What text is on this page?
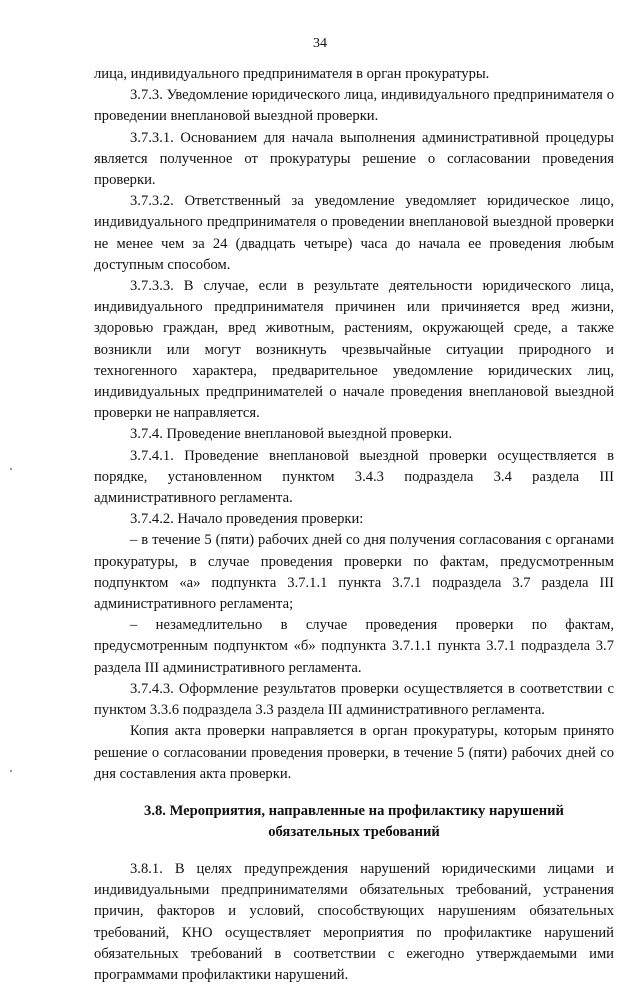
34

лица, индивидуального предпринимателя в орган прокуратуры.

3.7.3. Уведомление юридического лица, индивидуального предпринимателя о проведении внеплановой выездной проверки.

3.7.3.1. Основанием для начала выполнения административной процедуры является полученное от прокуратуры решение о согласовании проведения проверки.

3.7.3.2. Ответственный за уведомление уведомляет юридическое лицо, индивидуального предпринимателя о проведении внеплановой выездной проверки не менее чем за 24 (двадцать четыре) часа до начала ее проведения любым доступным способом.

3.7.3.3. В случае, если в результате деятельности юридического лица, индивидуального предпринимателя причинен или причиняется вред жизни, здоровью граждан, вред животным, растениям, окружающей среде, а также возникли или могут возникнуть чрезвычайные ситуации природного и техногенного характера, предварительное уведомление юридических лиц, индивидуальных предпринимателей о начале проведения внеплановой выездной проверки не направляется.

3.7.4. Проведение внеплановой выездной проверки.

3.7.4.1. Проведение внеплановой выездной проверки осуществляется в порядке, установленном пунктом 3.4.3 подраздела 3.4 раздела III административного регламента.

3.7.4.2. Начало проведения проверки:

– в течение 5 (пяти) рабочих дней со дня получения согласования с органами прокуратуры, в случае проведения проверки по фактам, предусмотренным подпунктом «а» подпункта 3.7.1.1 пункта 3.7.1 подраздела 3.7 раздела III административного регламента;

– незамедлительно в случае проведения проверки по фактам, предусмотренным подпунктом «б» подпункта 3.7.1.1 пункта 3.7.1 подраздела 3.7 раздела III административного регламента.

3.7.4.3. Оформление результатов проверки осуществляется в соответствии с пунктом 3.3.6 подраздела 3.3 раздела III административного регламента.

Копия акта проверки направляется в орган прокуратуры, которым принято решение о согласовании проведения проверки, в течение 5 (пяти) рабочих дней со дня составления акта проверки.

3.8. Мероприятия, направленные на профилактику нарушений
обязательных требований

3.8.1. В целях предупреждения нарушений юридическими лицами и индивидуальными предпринимателями обязательных требований, устранения причин, факторов и условий, способствующих нарушениям обязательных требований, КНО осуществляет мероприятия по профилактике нарушений обязательных требований в соответствии с ежегодно утверждаемыми ими программами профилактики нарушений.
